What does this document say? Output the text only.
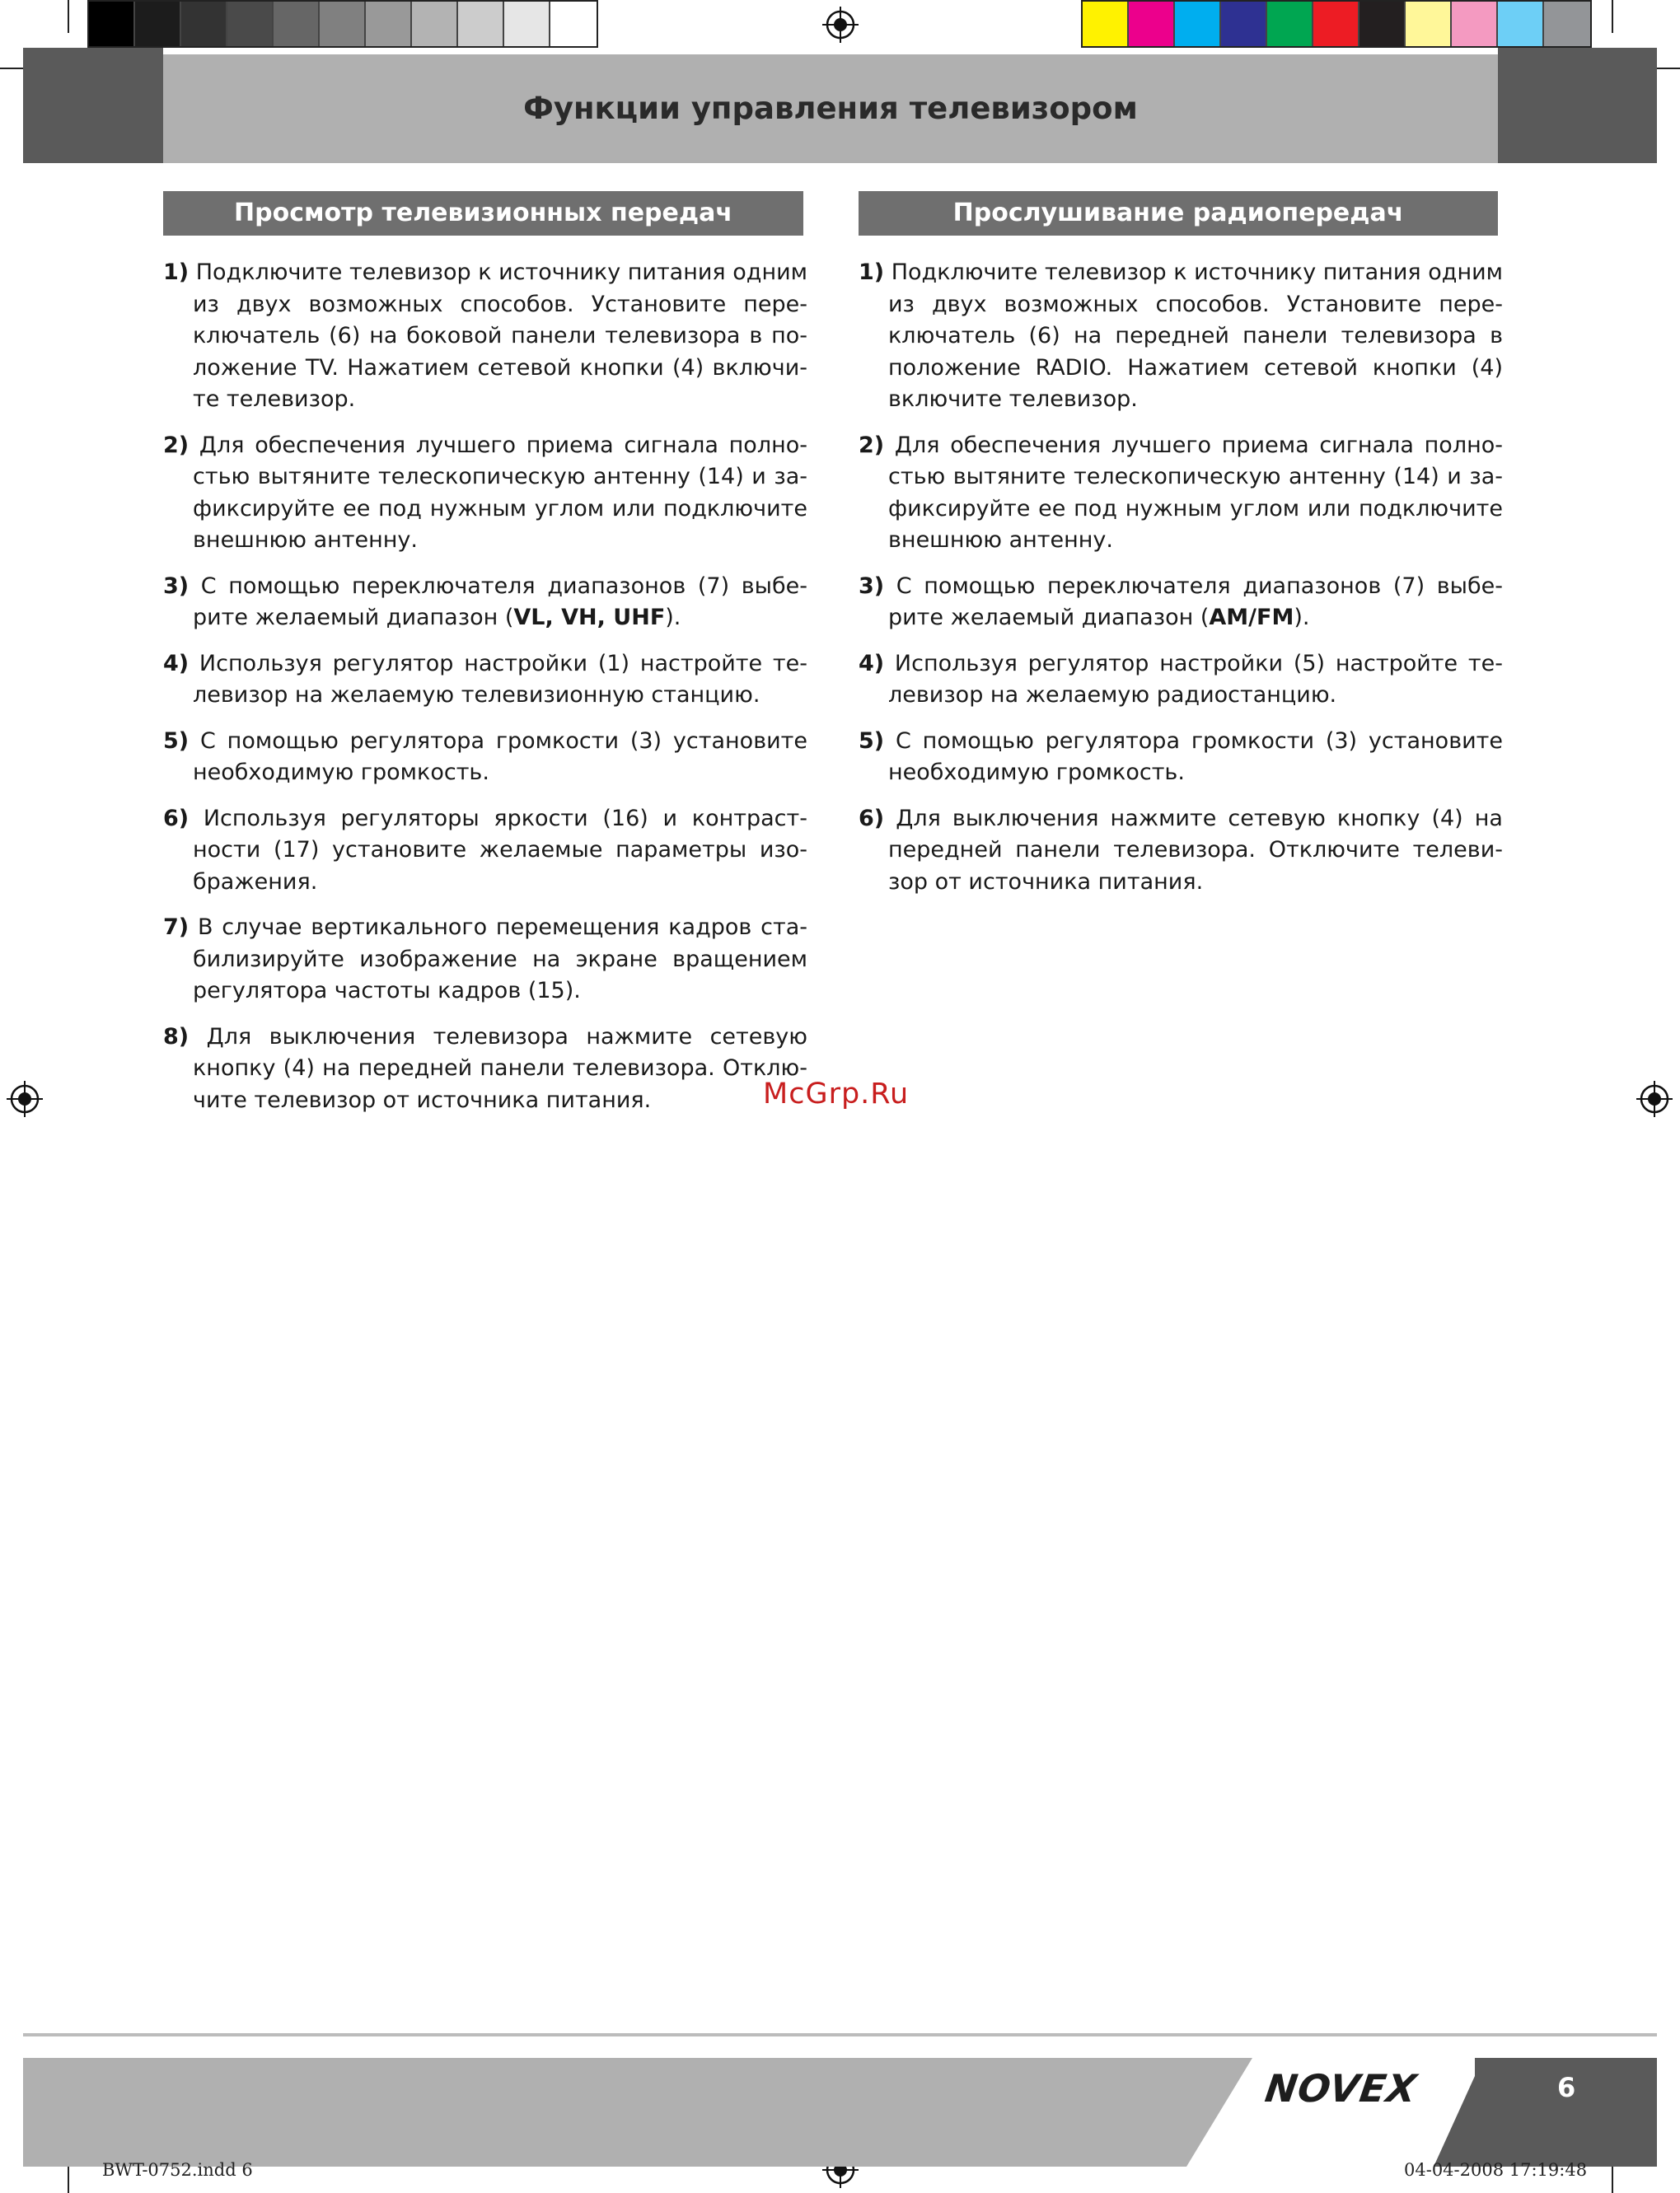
Функции управления телевизором
Просмотр телевизионных передач	Прослушивание радиопередач
1) Подключите телевизор к источнику питания одним из двух возможных способов. Установите пере-ключатель (6) на боковой панели телевизора в по-ложение TV. Нажатием сетевой кнопки (4) включи-те телевизор.
2) Для обеспечения лучшего приема сигнала полно-стью вытяните телескопическую антенну (14) и за-фиксируйте ее под нужным углом или подключите внешнюю антенну.
3) С помощью переключателя диапазонов (7) выбе-рите желаемый диапазон (VL, VH, UHF).
4) Используя регулятор настройки (1) настройте те-левизор на желаемую телевизионную станцию.
5) С помощью регулятора громкости (3) установите необходимую громкость.
6) Используя регуляторы яркости (16) и контраст-ности (17) установите желаемые параметры изо-бражения.
7) В случае вертикального перемещения кадров ста-билизируйте изображение на экране вращением регулятора частоты кадров (15).
8) Для выключения телевизора нажмите сетевую кнопку (4) на передней панели телевизора. Отклю-чите телевизор от источника питания.
1) Подключите телевизор к источнику питания одним из двух возможных способов. Установите пере-ключатель (6) на передней панели телевизора в положение RADIO. Нажатием сетевой кнопки (4) включите телевизор.
2) Для обеспечения лучшего приема сигнала полно-стью вытяните телескопическую антенну (14) и за-фиксируйте ее под нужным углом или подключите внешнюю антенну.
3) С помощью переключателя диапазонов (7) выбе-рите желаемый диапазон (AM/FM).
4) Используя регулятор настройки (5) настройте те-левизор на желаемую радиостанцию.
5) С помощью регулятора громкости (3) установите необходимую громкость.
6) Для выключения нажмите сетевую кнопку (4) на передней панели телевизора. Отключите телеви-зор от источника питания.
McGrp.Ru
NOVEX	6
BWT-0752.indd 6	04-04-2008 17:19:48
